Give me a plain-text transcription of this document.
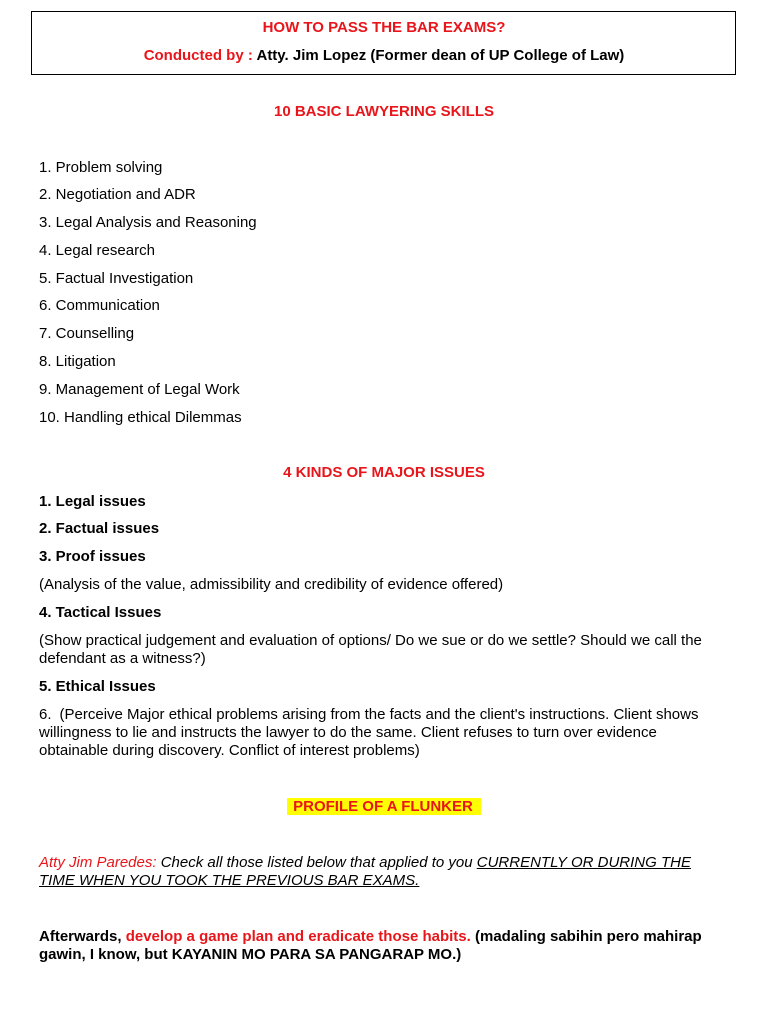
HOW TO PASS THE BAR EXAMS?
Conducted by : Atty. Jim Lopez (Former dean of UP College of Law)
10 BASIC LAWYERING SKILLS
1. Problem solving
2. Negotiation and ADR
3. Legal Analysis and Reasoning
4. Legal research
5. Factual Investigation
6. Communication
7. Counselling
8. Litigation
9. Management of Legal Work
10. Handling ethical Dilemmas
4 KINDS OF MAJOR ISSUES
1. Legal issues
2. Factual issues
3. Proof issues
(Analysis of the value, admissibility and credibility of evidence offered)
4. Tactical Issues
(Show practical judgement and evaluation of options/ Do we sue or do we settle? Should we call the defendant as a witness?)
5. Ethical Issues
6. (Perceive Major ethical problems arising from the facts and the client's instructions. Client shows willingness to lie and instructs the lawyer to do the same. Client refuses to turn over evidence obtainable during discovery. Conflict of interest problems)
PROFILE OF A FLUNKER
Atty Jim Paredes: Check all those listed below that applied to you CURRENTLY OR DURING THE TIME WHEN YOU TOOK THE PREVIOUS BAR EXAMS.
Afterwards, develop a game plan and eradicate those habits. (madaling sabihin pero mahirap gawin, I know, but KAYANIN MO PARA SA PANGARAP MO.)
